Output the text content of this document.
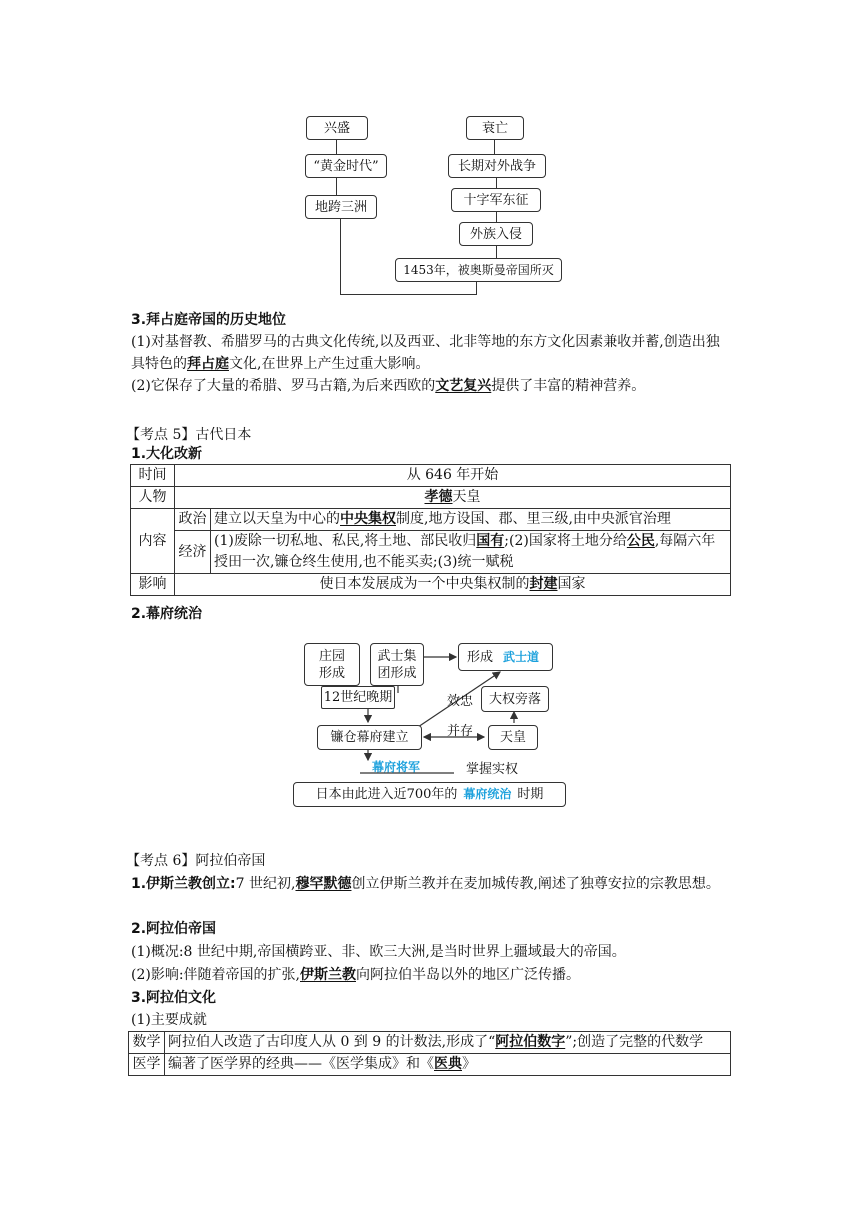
兴盛
“黄金时代”
地跨三洲
衰亡
长期对外战争
十字军东征
外族入侵
1453年，被奥斯曼帝国所灭
3.拜占庭帝国的历史地位
(1)对基督教、希腊罗马的古典文化传统,以及西亚、北非等地的东方文化因素兼收并蓄,创造出独具特色的拜占庭文化,在世界上产生过重大影响。
(2)它保存了大量的希腊、罗马古籍,为后来西欧的文艺复兴提供了丰富的精神营养。
【考点 5】古代日本
1.大化改新
时间	从 646 年开始	
人物	孝德天皇	
内容	政治	建立以天皇为中心的中央集权制度,地方设国、郡、里三级,由中央派官治理
	经济	(1)废除一切私地、私民,将土地、部民收归国有;(2)国家将土地分给公民,每隔六年授田一次,镰仓终生使用,也不能买卖;(3)统一赋税
影响	使日本发展成为一个中央集权制的封建国家	
2.幕府统治
庄园形成
武士集团形成
形成 武士道
12世纪晚期	效忠	大权旁落
并存
镰仓幕府建立	天皇
幕府将军	掌握实权
日本由此进入近700年的 幕府统治 时期
【考点 6】阿拉伯帝国
1.伊斯兰教创立:7 世纪初,穆罕默德创立伊斯兰教并在麦加城传教,阐述了独尊安拉的宗教思想。
2.阿拉伯帝国
(1)概况:8 世纪中期,帝国横跨亚、非、欧三大洲,是当时世界上疆域最大的帝国。
(2)影响:伴随着帝国的扩张,伊斯兰教向阿拉伯半岛以外的地区广泛传播。
3.阿拉伯文化
(1)主要成就
数学	阿拉伯人改造了古印度人从 0 到 9 的计数法,形成了“阿拉伯数字”;创造了完整的代数学
医学	编著了医学界的经典——《医学集成》和《医典》
